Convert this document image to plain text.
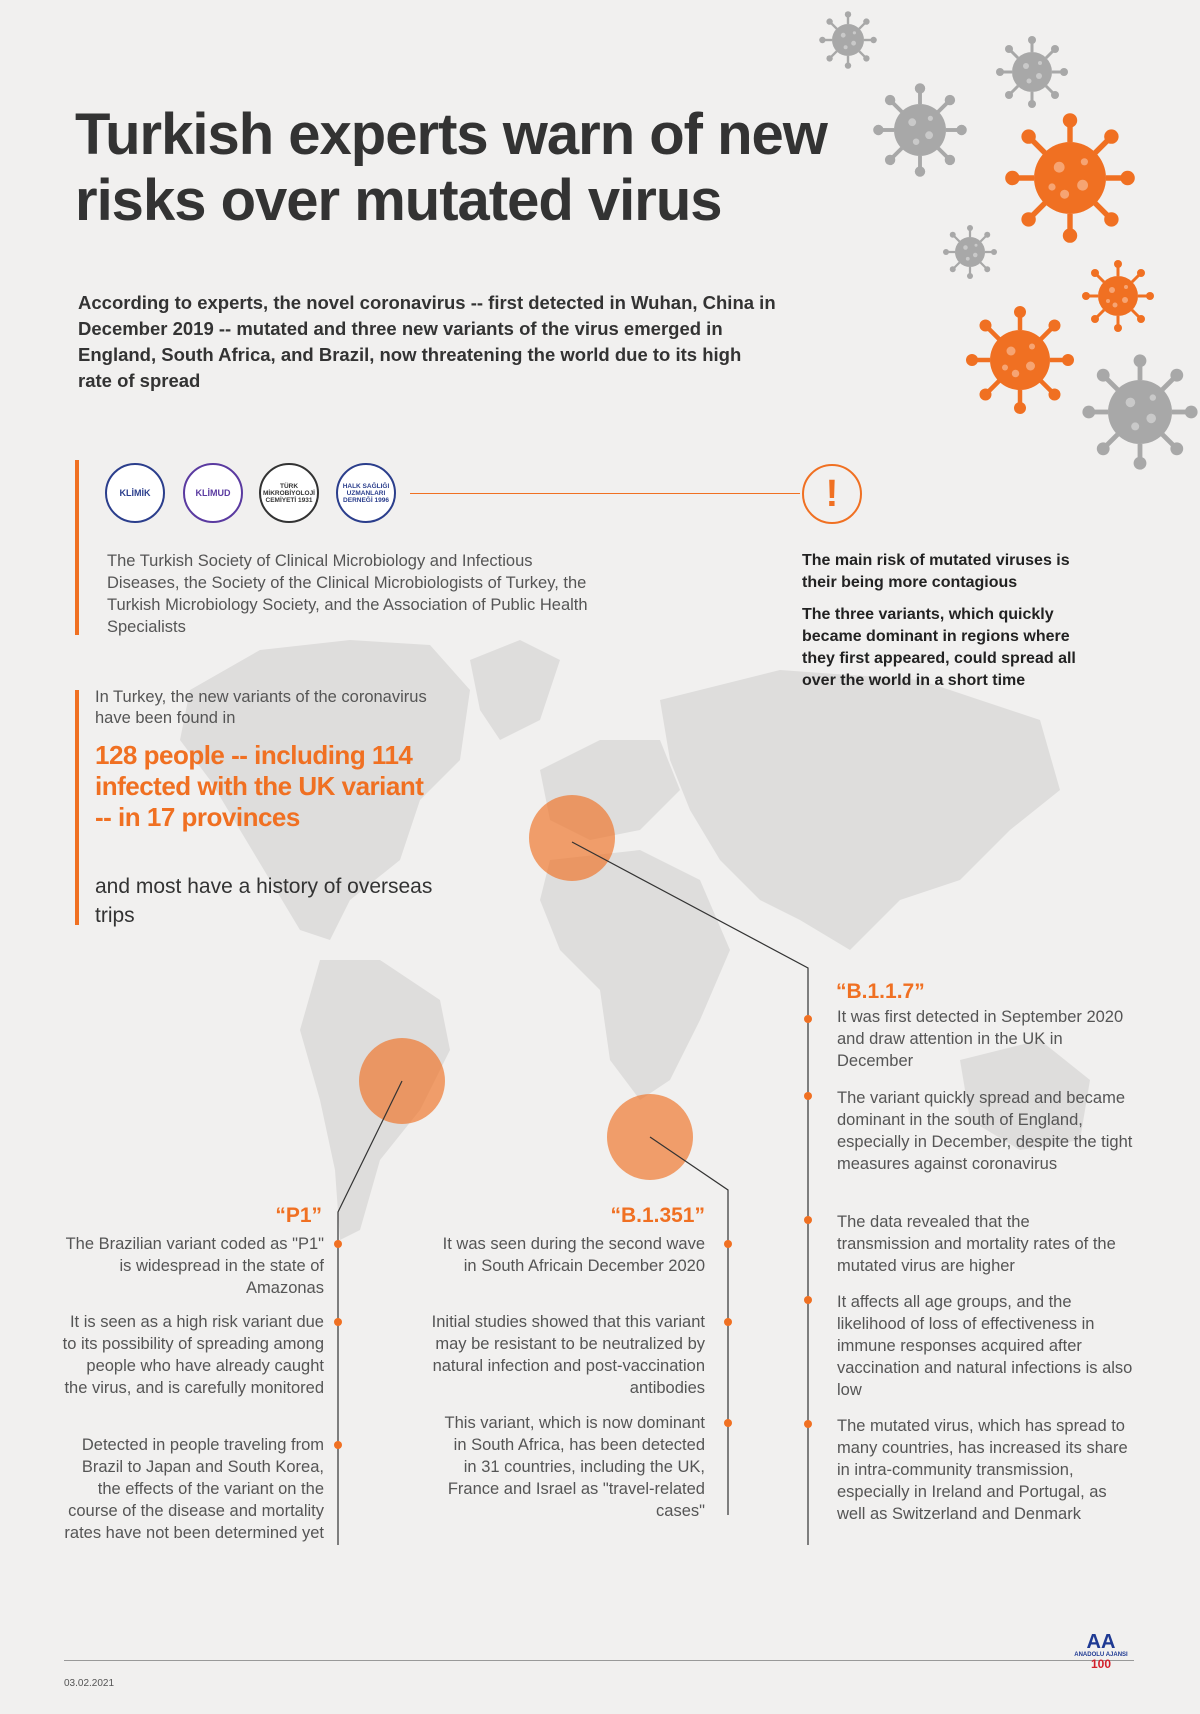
Turkish experts warn of new risks over mutated virus

According to experts, the novel coronavirus -- first detected in Wuhan, China in December 2019 -- mutated and three new variants of the virus emerged in England, South Africa, and Brazil, now threatening the world due to its high rate of spread

KLİMİK	KLİMUD
TÜRK MİKROBİYOLOJİ CEMİYETİ 1931
HALK SAĞLIĞI UZMANLARI DERNEĞİ 1996	!

The Turkish Society of Clinical Microbiology and Infectious Diseases, the Society of the Clinical Microbiologists of Turkey, the Turkish Microbiology Society, and the Association of Public Health Specialists

The main risk of mutated viruses is their being more contagious

The three variants, which quickly became dominant in regions where they first appeared, could spread all over the world in a short time

In Turkey, the new variants of the coronavirus have been found in

128 people -- including 114 infected with the UK variant -- in 17 provinces

and most have a history of overseas trips

“B.1.1.7”

It was first detected in September 2020 and draw attention in the UK in December

The variant quickly spread and became dominant in the south of England, especially in December, despite the tight measures against coronavirus

The data revealed that the transmission and mortality rates of the mutated virus are higher

It affects all age groups, and the likelihood of loss of effectiveness in immune responses acquired after vaccination and natural infections is also low

The mutated virus, which has spread to many countries, has increased its share in intra-community transmission, especially in Ireland and Portugal, as well as Switzerland and Denmark

“P1”

The Brazilian variant coded as "P1" is widespread in the state of Amazonas

It is seen as a high risk variant due to its possibility of spreading among people who have already caught the virus, and is carefully monitored

Detected in people traveling from Brazil to Japan and South Korea, the effects of the variant on the course of the disease and mortality rates have not been determined yet

“B.1.351”

It was seen during the second wave in South Africain December 2020

Initial studies showed that this variant may be resistant to be neutralized by natural infection and post-vaccination antibodies

This variant, which is now dominant in South Africa, has been detected in 31 countries, including the UK, France and Israel as "travel-related cases"

03.02.2021
AA
ANADOLU AJANSI
100
